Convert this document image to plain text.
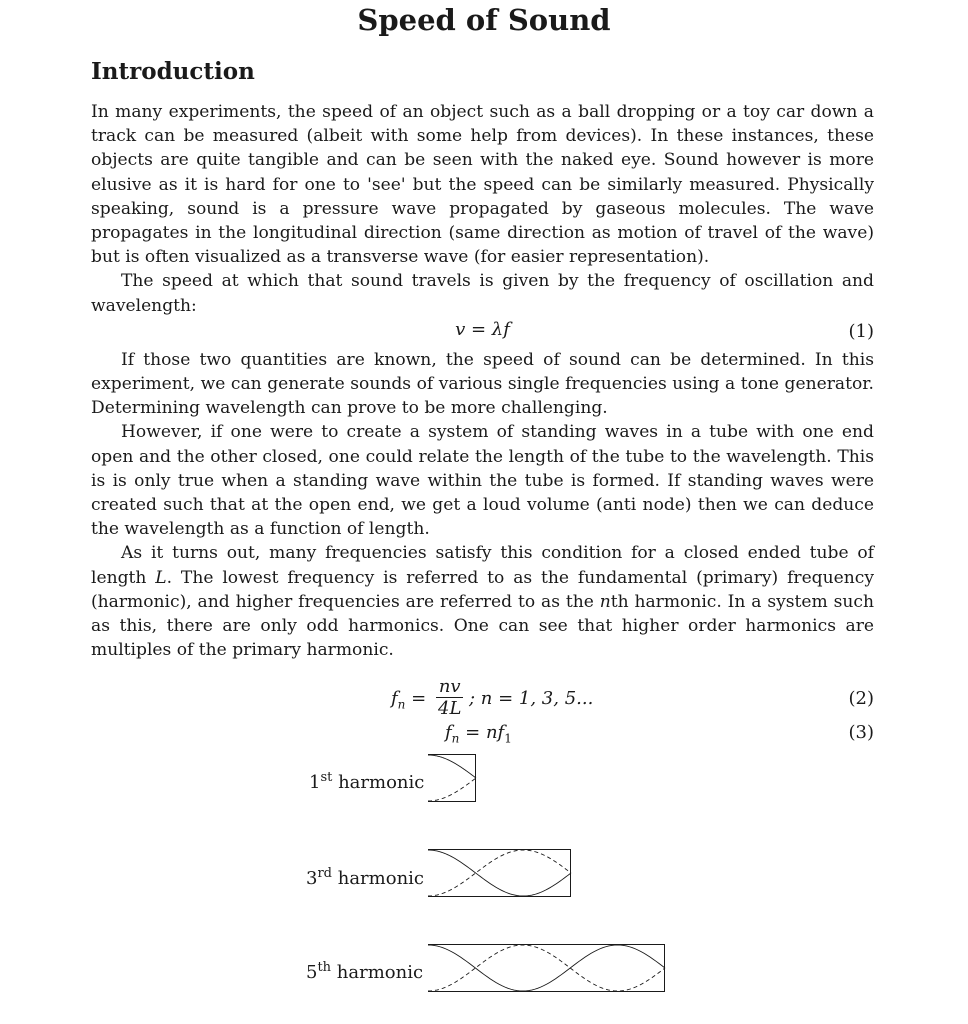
Speed of Sound
Introduction

In many experiments, the speed of an object such as a ball dropping or a toy car down a track can be measured (albeit with some help from devices). In these instances, these objects are quite tangible and can be seen with the naked eye. Sound however is more elusive as it is hard for one to 'see' but the speed can be similarly measured. Physically speaking, sound is a pressure wave propagated by gaseous molecules. The wave propagates in the longitudinal direction (same direction as motion of travel of the wave) but is often visualized as a transverse wave (for easier representation).

The speed at which that sound travels is given by the frequency of oscillation and wavelength:

v = λf	(1)

If those two quantities are known, the speed of sound can be determined. In this experiment, we can generate sounds of various single frequencies using a tone generator. Determining wavelength can prove to be more challenging.

However, if one were to create a system of standing waves in a tube with one end open and the other closed, one could relate the length of the tube to the wavelength. This is is only true when a standing wave within the tube is formed. If standing waves were created such that at the open end, we get a loud volume (anti node) then we can deduce the wavelength as a function of length.

As it turns out, many frequencies satisfy this condition for a closed ended tube of length L. The lowest frequency is referred to as the fundamental (primary) frequency (harmonic), and higher frequencies are referred to as the nth harmonic. In a system such as this, there are only odd harmonics. One can see that higher order harmonics are multiples of the primary harmonic.

$f_n = \frac{nv}{4L}$ ; n = 1, 3, 5...	(2)
$f_n = nf_1$	(3)
1st harmonic
3rd harmonic
5th harmonic
